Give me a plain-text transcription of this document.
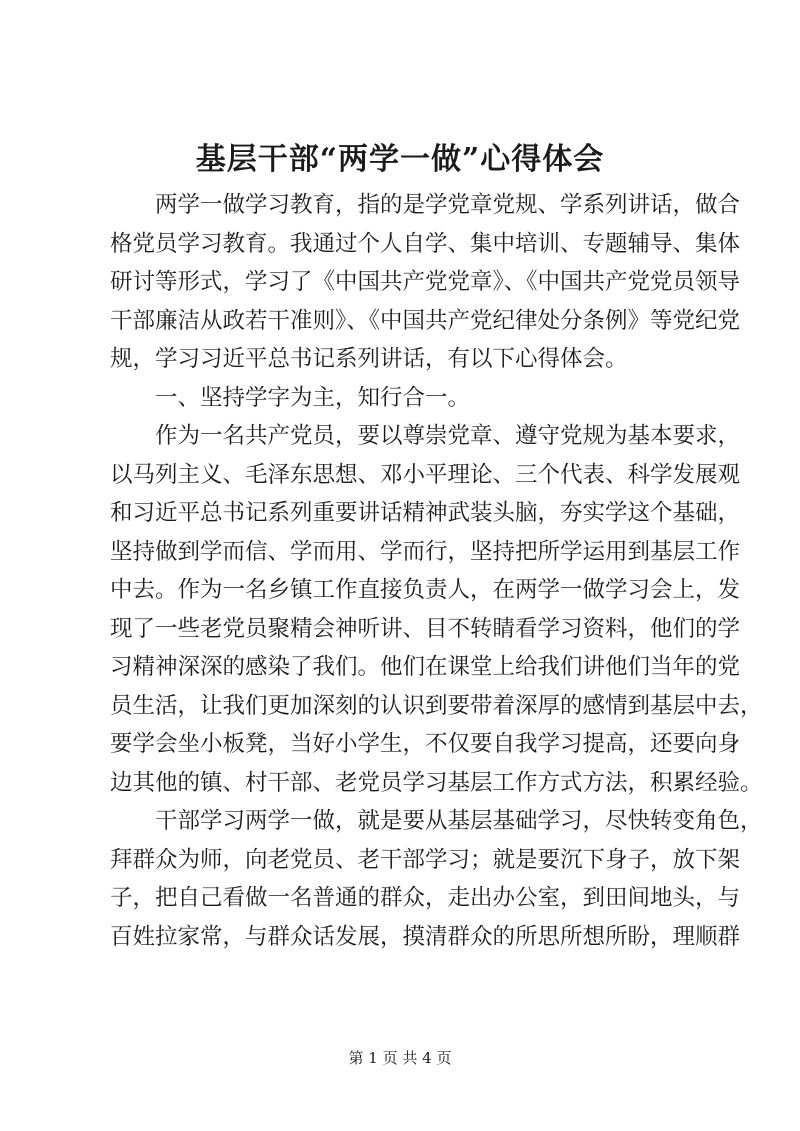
基层干部“两学一做”心得体会
两学一做学习教育，指的是学党章党规、学系列讲话，做合
格党员学习教育。我通过个人自学、集中培训、专题辅导、集体
研讨等形式，学习了《中国共产党党章》、《中国共产党党员领导
干部廉洁从政若干准则》、《中国共产党纪律处分条例》等党纪党
规，学习习近平总书记系列讲话，有以下心得体会。
一、坚持学字为主，知行合一。
作为一名共产党员，要以尊崇党章、遵守党规为基本要求，
以马列主义、毛泽东思想、邓小平理论、三个代表、科学发展观
和习近平总书记系列重要讲话精神武装头脑，夯实学这个基础，
坚持做到学而信、学而用、学而行，坚持把所学运用到基层工作
中去。作为一名乡镇工作直接负责人，在两学一做学习会上，发
现了一些老党员聚精会神听讲、目不转睛看学习资料，他们的学
习精神深深的感染了我们。他们在课堂上给我们讲他们当年的党
员生活，让我们更加深刻的认识到要带着深厚的感情到基层中去，
要学会坐小板凳，当好小学生，不仅要自我学习提高，还要向身
边其他的镇、村干部、老党员学习基层工作方式方法，积累经验。
干部学习两学一做，就是要从基层基础学习，尽快转变角色，
拜群众为师，向老党员、老干部学习；就是要沉下身子，放下架
子，把自己看做一名普通的群众，走出办公室，到田间地头，与
百姓拉家常，与群众话发展，摸清群众的所思所想所盼，理顺群
第 1 页 共 4 页
